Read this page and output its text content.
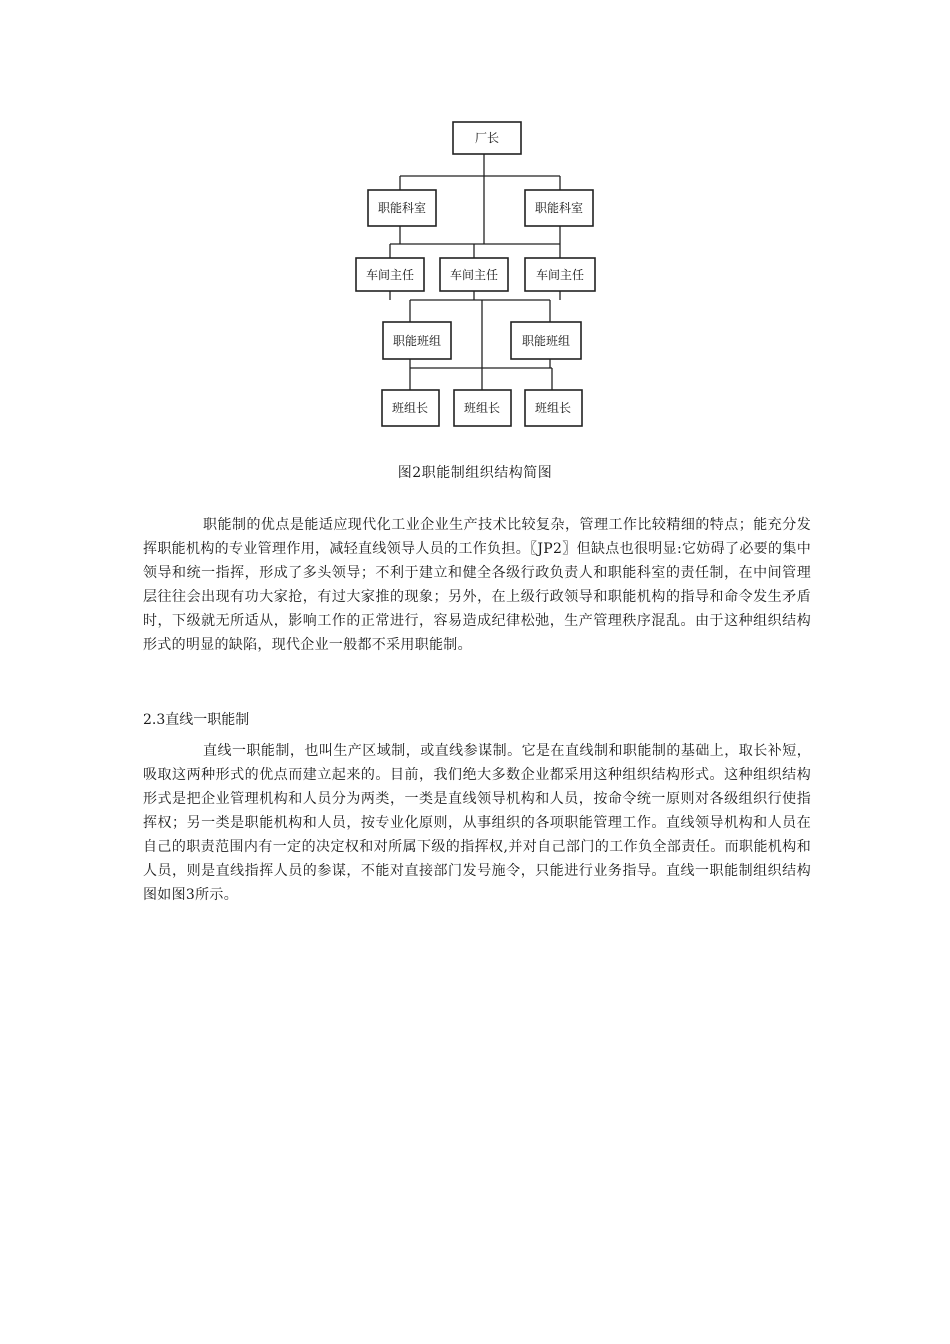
厂长
职能科室	职能科室
车间主任	车间主任	车间主任
职能班组	职能班组
班组长	班组长	班组长
图2职能制组织结构简图

职能制的优点是能适应现代化工业企业生产技术比较复杂，管理工作比较精细的特点；能充分发挥职能机构的专业管理作用，减轻直线领导人员的工作负担。〖JP2〗但缺点也很明显:它妨碍了必要的集中领导和统一指挥，形成了多头领导；不利于建立和健全各级行政负责人和职能科室的责任制，在中间管理层往往会出现有功大家抢，有过大家推的现象；另外，在上级行政领导和职能机构的指导和命令发生矛盾时，下级就无所适从，影响工作的正常进行，容易造成纪律松弛，生产管理秩序混乱。由于这种组织结构形式的明显的缺陷，现代企业一般都不采用职能制。

2.3直线一职能制

直线一职能制，也叫生产区域制，或直线参谋制。它是在直线制和职能制的基础上，取长补短，吸取这两种形式的优点而建立起来的。目前，我们绝大多数企业都采用这种组织结构形式。这种组织结构形式是把企业管理机构和人员分为两类，一类是直线领导机构和人员，按命令统一原则对各级组织行使指挥权；另一类是职能机构和人员，按专业化原则，从事组织的各项职能管理工作。直线领导机构和人员在自己的职责范围内有一定的决定权和对所属下级的指挥权,并对自己部门的工作负全部责任。而职能机构和人员，则是直线指挥人员的参谋，不能对直接部门发号施令，只能进行业务指导。直线一职能制组织结构图如图3所示。
